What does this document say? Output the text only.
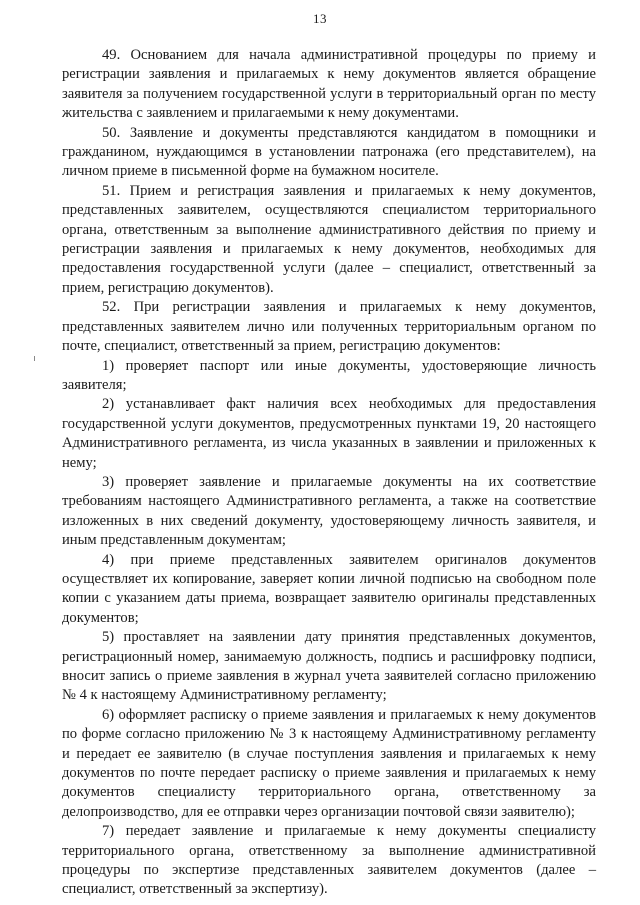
13

49. Основанием для начала административной процедуры по приему и регистрации заявления и прилагаемых к нему документов является обращение заявителя за получением государственной услуги в территориальный орган по месту жительства с заявлением и прилагаемыми к нему документами.

50. Заявление и документы представляются кандидатом в помощники и гражданином, нуждающимся в установлении патронажа (его представителем), на личном приеме в письменной форме на бумажном носителе.

51. Прием и регистрация заявления и прилагаемых к нему документов, представленных заявителем, осуществляются специалистом территориального органа, ответственным за выполнение административного действия по приему и регистрации заявления и прилагаемых к нему документов, необходимых для предоставления государственной услуги (далее – специалист, ответственный за прием, регистрацию документов).

52. При регистрации заявления и прилагаемых к нему документов, представленных заявителем лично или полученных территориальным органом по почте, специалист, ответственный за прием, регистрацию документов:

1) проверяет паспорт или иные документы, удостоверяющие личность заявителя;

2) устанавливает факт наличия всех необходимых для предоставления государственной услуги документов, предусмотренных пунктами 19, 20 настоящего Административного регламента, из числа указанных в заявлении и приложенных к нему;

3) проверяет заявление и прилагаемые документы на их соответствие требованиям настоящего Административного регламента, а также на соответствие изложенных в них сведений документу, удостоверяющему личность заявителя, и иным представленным документам;

4) при приеме представленных заявителем оригиналов документов осуществляет их копирование, заверяет копии личной подписью на свободном поле копии с указанием даты приема, возвращает заявителю оригиналы представленных документов;

5) проставляет на заявлении дату принятия представленных документов, регистрационный номер, занимаемую должность, подпись и расшифровку подписи, вносит запись о приеме заявления в журнал учета заявителей согласно приложению № 4 к настоящему Административному регламенту;

6) оформляет расписку о приеме заявления и прилагаемых к нему документов по форме согласно приложению № 3 к настоящему Административному регламенту и передает ее заявителю (в случае поступления заявления и прилагаемых к нему документов по почте передает расписку о приеме заявления и прилагаемых к нему документов специалисту территориального органа, ответственному за делопроизводство, для ее отправки через организации почтовой связи заявителю);

7) передает заявление и прилагаемые к нему документы специалисту территориального органа, ответственному за выполнение административной процедуры по экспертизе представленных заявителем документов (далее – специалист, ответственный за экспертизу).
